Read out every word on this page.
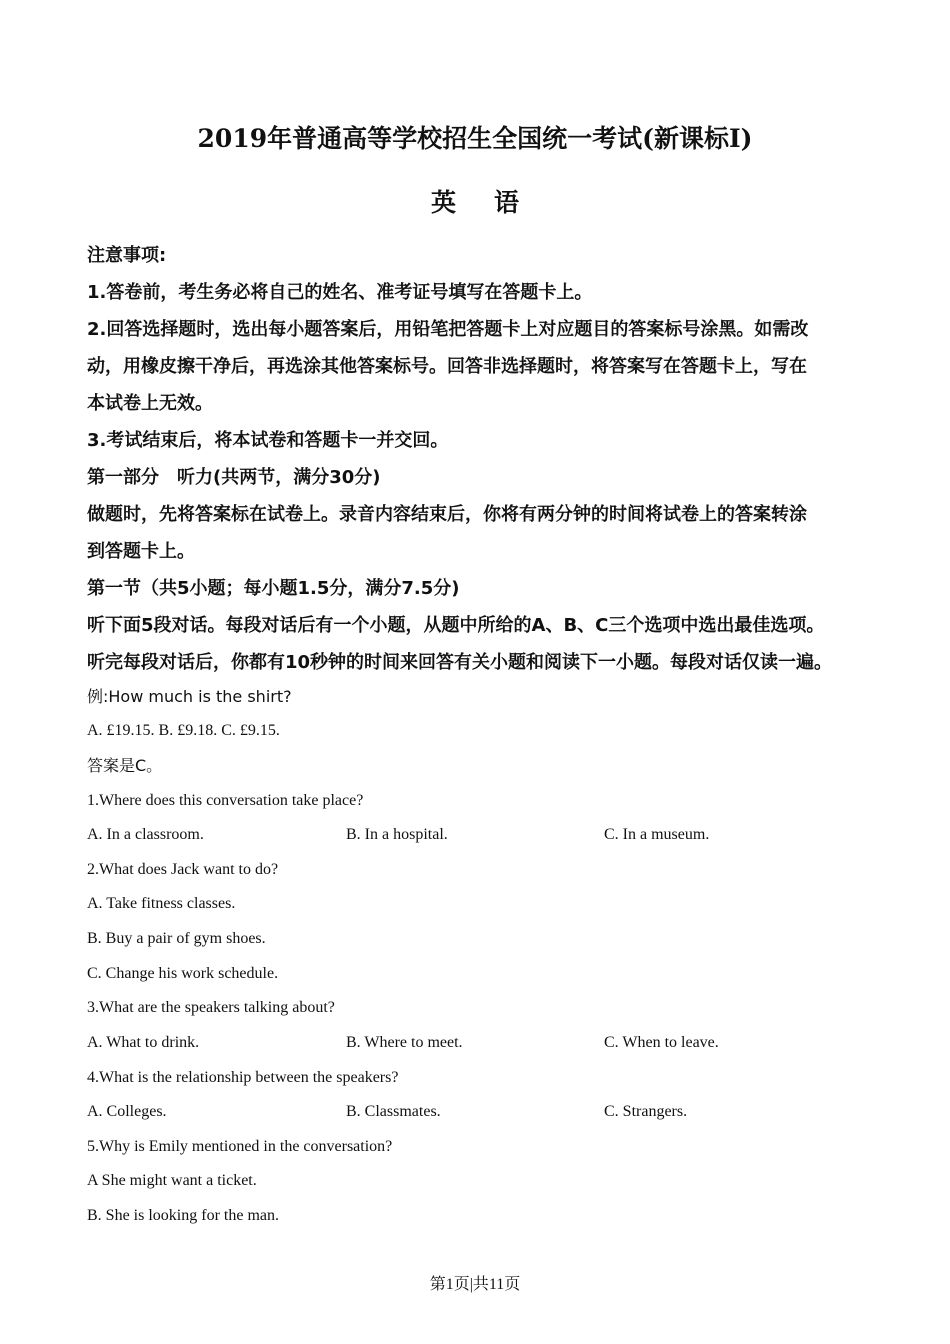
2019年普通高等学校招生全国统一考试(新课标Ⅰ)
英语
注意事项:
1.答卷前，考生务必将自己的姓名、准考证号填写在答题卡上。
2.回答选择题时，选出每小题答案后，用铅笔把答题卡上对应题目的答案标号涂黑。如需改
动，用橡皮擦干净后，再选涂其他答案标号。回答非选择题时，将答案写在答题卡上，写在
本试卷上无效。
3.考试结束后，将本试卷和答题卡一并交回。
第一部分　听力(共两节，满分30分)
做题时，先将答案标在试卷上。录音内容结束后，你将有两分钟的时间将试卷上的答案转涂
到答题卡上。
第一节（共5小题；每小题1.5分，满分7.5分)
听下面5段对话。每段对话后有一个小题，从题中所给的A、B、C三个选项中选出最佳选项。
听完每段对话后，你都有10秒钟的时间来回答有关小题和阅读下一小题。每段对话仅读一遍。
例:How much is the shirt?
A. £19.15. B. £9.18. C. £9.15.
答案是C。
1.Where does this conversation take place?
A. In a classroom.	B. In a hospital.	C. In a museum.
2.What does Jack want to do?
A. Take fitness classes.
B. Buy a pair of gym shoes.
C. Change his work schedule.
3.What are the speakers talking about?
A. What to drink.	B. Where to meet.	C. When to leave.
4.What is the relationship between the speakers?
A. Colleges.	B. Classmates.	C. Strangers.
5.Why is Emily mentioned in the conversation?
A She might want a ticket.
B. She is looking for the man.
第1页|共11页
